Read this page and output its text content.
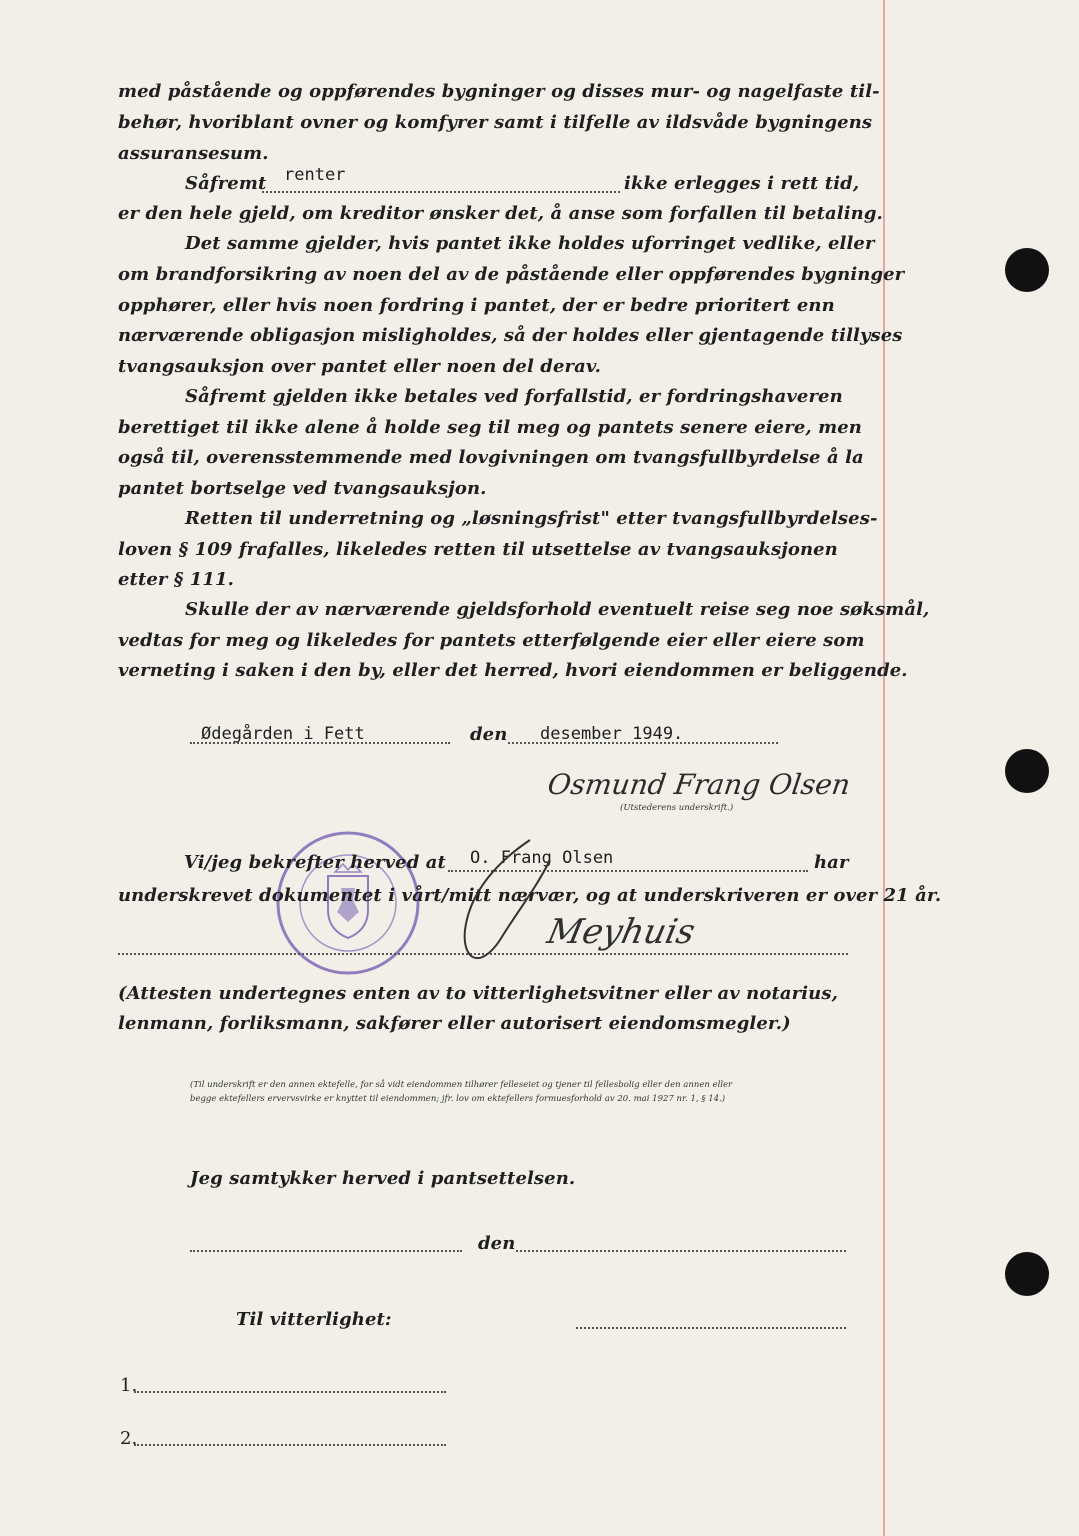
med påstående og oppførendes bygninger og disses mur- og nagelfaste til-
behør, hvoriblant ovner og komfyrer samt i tilfelle av ildsvåde bygningens
assuransesum.
Såfremt renter	ikke erlegges i rett tid,
er den hele gjeld, om kreditor ønsker det, å anse som forfallen til betaling.
Det samme gjelder, hvis pantet ikke holdes uforringet vedlike, eller
om brandforsikring av noen del av de påstående eller oppførendes bygninger
opphører, eller hvis noen fordring i pantet, der er bedre prioritert enn
nærværende obligasjon misligholdes, så der holdes eller gjentagende tillyses
tvangsauksjon over pantet eller noen del derav.
Såfremt gjelden ikke betales ved forfallstid, er fordringshaveren
berettiget til ikke alene å holde seg til meg og pantets senere eiere, men
også til, overensstemmende med lovgivningen om tvangsfullbyrdelse å la
pantet bortselge ved tvangsauksjon.
Retten til underretning og „løsningsfrist" etter tvangsfullbyrdelses-
loven § 109 frafalles, likeledes retten til utsettelse av tvangsauksjonen
etter § 111.
Skulle der av nærværende gjeldsforhold eventuelt reise seg noe søksmål,
vedtas for meg og likeledes for pantets etterfølgende eier eller eiere som
verneting i saken i den by, eller det herred, hvori eiendommen er beliggende.
Ødegården i Fett	den desember 1949.
Osmund Frang Olsen
(Utstederens underskrift.)
Vi/jeg bekrefter herved at O. Frang Olsen	har
underskrevet dokumentet i vårt/mitt nærvær, og at underskriveren er over 21 år.
Meyhuis
(Attesten undertegnes enten av to vitterlighetsvitner eller av notarius,
lenmann, forliksmann, sakfører eller autorisert eiendomsmegler.)
(Til underskrift er den annen ektefelle, for så vidt eiendommen tilhører felleseiet og tjener til fellesbolig eller den annen eller
begge ektefellers ervervsvirke er knyttet til eiendommen; jfr. lov om ektefellers formuesforhold av 20. mai 1927 nr. 1, § 14.)
Jeg samtykker herved i pantsettelsen.
den
Til vitterlighet:
1.
2.
